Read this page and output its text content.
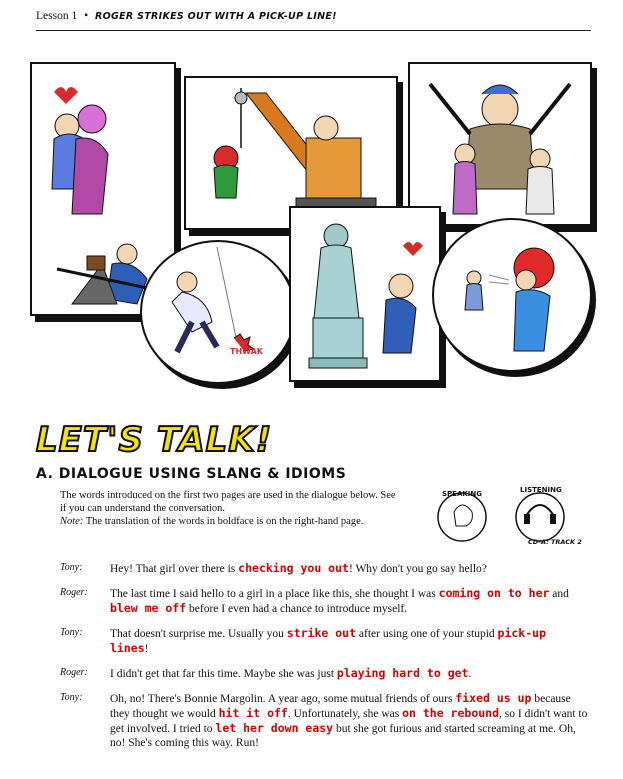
Lesson 1 • ROGER STRIKES OUT WITH A PICK-UP LINE!
THWAK
LET'S TALK!
A. DIALOGUE USING SLANG & IDIOMS
The words introduced on the first two pages are used in the dialogue below. See if you can understand the conversation.
Note: The translation of the words in boldface is on the right-hand page.
SPEAKING	LISTENING
CD-A: TRACK 2
Tony: Hey! That girl over there is checking you out! Why don't you go say hello?
Roger: The last time I said hello to a girl in a place like this, she thought I was coming on to her and blew me off before I even had a chance to introduce myself.
Tony: That doesn't surprise me. Usually you strike out after using one of your stupid pick-up lines!
Roger: I didn't get that far this time. Maybe she was just playing hard to get.
Tony: Oh, no! There's Bonnie Margolin. A year ago, some mutual friends of ours fixed us up because they thought we would hit it off. Unfortunately, she was on the rebound, so I didn't want to get involved. I tried to let her down easy but she got furious and started screaming at me. Oh, no! She's coming this way. Run!
